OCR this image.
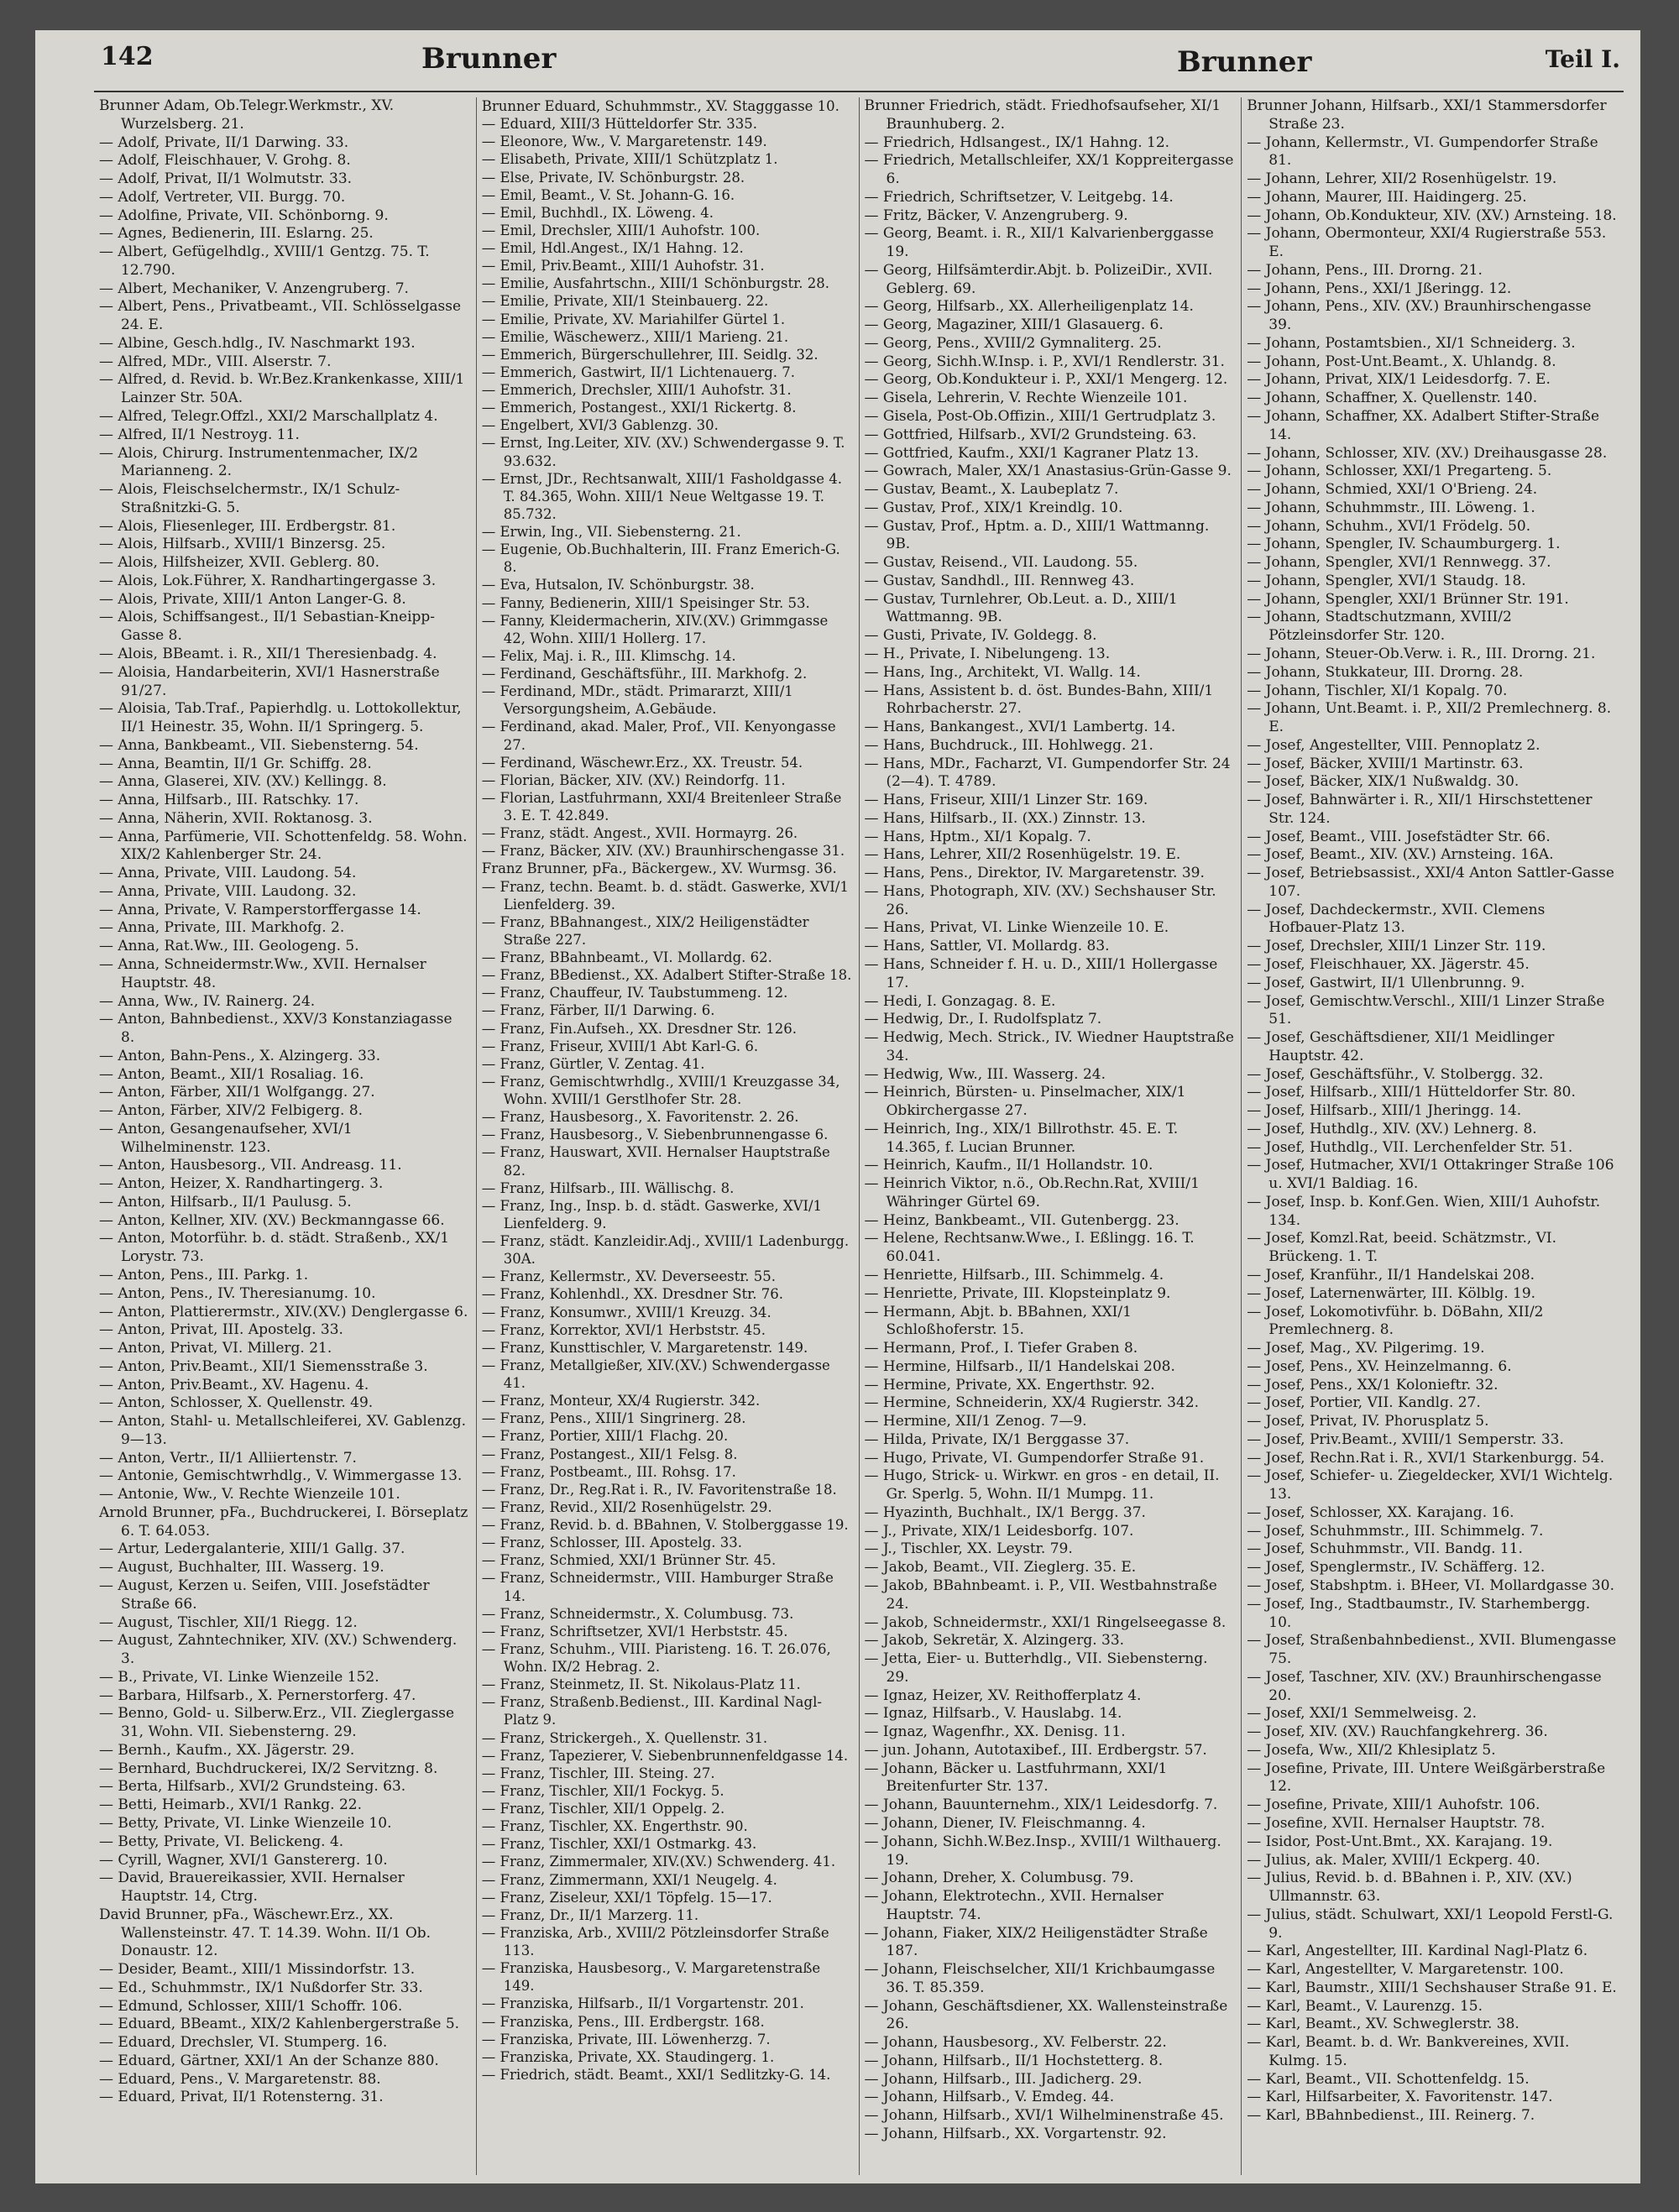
142	Brunner	Brunner	Teil I.
Brunner Adam, Ob.Telegr.Werkmstr., XV. Wurzelsberg. 21.
— Adolf, Private, II/1 Darwing. 33.
— Adolf, Fleischhauer, V. Grohg. 8.
— Adolf, Privat, II/1 Wolmutstr. 33.
— Adolf, Vertreter, VII. Burgg. 70.
— Adolfine, Private, VII. Schönborng. 9.
— Agnes, Bedienerin, III. Eslarng. 25.
— Albert, Gefügelhdlg., XVIII/1 Gentzg. 75. T. 12.790.
— Albert, Mechaniker, V. Anzengruberg. 7.
— Albert, Pens., Privatbeamt., VII. Schlösselgasse 24. E.
— Albine, Gesch.hdlg., IV. Naschmarkt 193.
— Alfred, MDr., VIII. Alserstr. 7.
— Alfred, d. Revid. b. Wr.Bez.Krankenkasse, XIII/1 Lainzer Str. 50A.
— Alfred, Telegr.Offzl., XXI/2 Marschallplatz 4.
— Alfred, II/1 Nestroyg. 11.
— Alois, Chirurg. Instrumentenmacher, IX/2 Marianneng. 2.
— Alois, Fleischselchermstr., IX/1 Schulz-Straßnitzki-G. 5.
— Alois, Fliesenleger, III. Erdbergstr. 81.
— Alois, Hilfsarb., XVIII/1 Binzersg. 25.
— Alois, Hilfsheizer, XVII. Geblerg. 80.
— Alois, Lok.Führer, X. Randhartingergasse 3.
— Alois, Private, XIII/1 Anton Langer-G. 8.
— Alois, Schiffsangest., II/1 Sebastian-Kneipp-Gasse 8.
— Alois, BBeamt. i. R., XII/1 Theresienbadg. 4.
— Aloisia, Handarbeiterin, XVI/1 Hasnerstraße 91/27.
— Aloisia, Tab.Traf., Papierhdlg. u. Lottokollektur, II/1 Heinestr. 35, Wohn. II/1 Springerg. 5.
— Anna, Bankbeamt., VII. Siebensterng. 54.
— Anna, Beamtin, II/1 Gr. Schiffg. 28.
— Anna, Glaserei, XIV. (XV.) Kellingg. 8.
— Anna, Hilfsarb., III. Ratschky. 17.
— Anna, Näherin, XVII. Roktanosg. 3.
— Anna, Parfümerie, VII. Schottenfeldg. 58. Wohn. XIX/2 Kahlenberger Str. 24.
— Anna, Private, VIII. Laudong. 54.
— Anna, Private, VIII. Laudong. 32.
— Anna, Private, V. Ramperstorffergasse 14.
— Anna, Private, III. Markhofg. 2.
— Anna, Rat.Ww., III. Geologeng. 5.
— Anna, Schneidermstr.Ww., XVII. Hernalser Hauptstr. 48.
— Anna, Ww., IV. Rainerg. 24.
— Anton, Bahnbedienst., XXV/3 Konstanziagasse 8.
— Anton, Bahn-Pens., X. Alzingerg. 33.
— Anton, Beamt., XII/1 Rosaliag. 16.
— Anton, Färber, XII/1 Wolfgangg. 27.
— Anton, Färber, XIV/2 Felbigerg. 8.
— Anton, Gesangenaufseher, XVI/1 Wilhelminenstr. 123.
— Anton, Hausbesorg., VII. Andreasg. 11.
— Anton, Heizer, X. Randhartingerg. 3.
— Anton, Hilfsarb., II/1 Paulusg. 5.
— Anton, Kellner, XIV. (XV.) Beckmanngasse 66.
— Anton, Motorführ. b. d. städt. Straßenb., XX/1 Lorystr. 73.
— Anton, Pens., III. Parkg. 1.
— Anton, Pens., IV. Theresianumg. 10.
— Anton, Plattierermstr., XIV.(XV.) Denglergasse 6.
— Anton, Privat, III. Apostelg. 33.
— Anton, Privat, VI. Millerg. 21.
— Anton, Priv.Beamt., XII/1 Siemensstraße 3.
— Anton, Priv.Beamt., XV. Hagenu. 4.
— Anton, Schlosser, X. Quellenstr. 49.
— Anton, Stahl- u. Metallschleiferei, XV. Gablenzg. 9—13.
— Anton, Vertr., II/1 Alliiertenstr. 7.
— Antonie, Gemischtwrhdlg., V. Wimmergasse 13.
— Antonie, Ww., V. Rechte Wienzeile 101.
Arnold Brunner, pFa., Buchdruckerei, I. Börseplatz 6. T. 64.053.
— Artur, Ledergalanterie, XIII/1 Gallg. 37.
— August, Buchhalter, III. Wasserg. 19.
— August, Kerzen u. Seifen, VIII. Josefstädter Straße 66.
— August, Tischler, XII/1 Riegg. 12.
— August, Zahntechniker, XIV. (XV.) Schwenderg. 3.
— B., Private, VI. Linke Wienzeile 152.
— Barbara, Hilfsarb., X. Pernerstorferg. 47.
— Benno, Gold- u. Silberw.Erz., VII. Zieglergasse 31, Wohn. VII. Siebensterng. 29.
— Bernh., Kaufm., XX. Jägerstr. 29.
— Bernhard, Buchdruckerei, IX/2 Servitzng. 8.
— Berta, Hilfsarb., XVI/2 Grundsteing. 63.
— Betti, Heimarb., XVI/1 Rankg. 22.
— Betty, Private, VI. Linke Wienzeile 10.
— Betty, Private, VI. Belickeng. 4.
— Cyrill, Wagner, XVI/1 Ganstererg. 10.
— David, Brauereikassier, XVII. Hernalser Hauptstr. 14, Ctrg.
David Brunner, pFa., Wäschewr.Erz., XX. Wallensteinstr. 47. T. 14.39. Wohn. II/1 Ob. Donaustr. 12.
— Desider, Beamt., XIII/1 Missindorfstr. 13.
— Ed., Schuhmmstr., IX/1 Nußdorfer Str. 33.
— Edmund, Schlosser, XIII/1 Schoffr. 106.
— Eduard, BBeamt., XIX/2 Kahlenbergerstraße 5.
— Eduard, Drechsler, VI. Stumperg. 16.
— Eduard, Gärtner, XXI/1 An der Schanze 880.
— Eduard, Pens., V. Margaretenstr. 88.
— Eduard, Privat, II/1 Rotensterng. 31.
Brunner Eduard, Schuhmmstr., XV. Stagggasse 10.
— Eduard, XIII/3 Hütteldorfer Str. 335.
— Eleonore, Ww., V. Margaretenstr. 149.
— Elisabeth, Private, XIII/1 Schützplatz 1.
— Else, Private, IV. Schönburgstr. 28.
— Emil, Beamt., V. St. Johann-G. 16.
— Emil, Buchhdl., IX. Löweng. 4.
— Emil, Drechsler, XIII/1 Auhofstr. 100.
— Emil, Hdl.Angest., IX/1 Hahng. 12.
— Emil, Priv.Beamt., XIII/1 Auhofstr. 31.
— Emilie, Ausfahrtschn., XIII/1 Schönburgstr. 28.
— Emilie, Private, XII/1 Steinbauerg. 22.
— Emilie, Private, XV. Mariahilfer Gürtel 1.
— Emilie, Wäschewerz., XIII/1 Marieng. 21.
— Emmerich, Bürgerschullehrer, III. Seidlg. 32.
— Emmerich, Gastwirt, II/1 Lichtenauerg. 7.
— Emmerich, Drechsler, XIII/1 Auhofstr. 31.
— Emmerich, Postangest., XXI/1 Rickertg. 8.
— Engelbert, XVI/3 Gablenzg. 30.
— Ernst, Ing.Leiter, XIV. (XV.) Schwendergasse 9. T. 93.632.
— Ernst, JDr., Rechtsanwalt, XIII/1 Fasholdgasse 4. T. 84.365, Wohn. XIII/1 Neue Weltgasse 19. T. 85.732.
— Erwin, Ing., VII. Siebensterng. 21.
— Eugenie, Ob.Buchhalterin, III. Franz Emerich-G. 8.
— Eva, Hutsalon, IV. Schönburgstr. 38.
— Fanny, Bedienerin, XIII/1 Speisinger Str. 53.
— Fanny, Kleidermacherin, XIV.(XV.) Grimmgasse 42, Wohn. XIII/1 Hollerg. 17.
— Felix, Maj. i. R., III. Klimschg. 14.
— Ferdinand, Geschäftsführ., III. Markhofg. 2.
— Ferdinand, MDr., städt. Primararzt, XIII/1 Versorgungsheim, A.Gebäude.
— Ferdinand, akad. Maler, Prof., VII. Kenyongasse 27.
— Ferdinand, Wäschewr.Erz., XX. Treustr. 54.
— Florian, Bäcker, XIV. (XV.) Reindorfg. 11.
— Florian, Lastfuhrmann, XXI/4 Breitenleer Straße 3. E. T. 42.849.
— Franz, städt. Angest., XVII. Hormayrg. 26.
— Franz, Bäcker, XIV. (XV.) Braunhirschengasse 31.
Franz Brunner, pFa., Bäckergew., XV. Wurmsg. 36.
— Franz, techn. Beamt. b. d. städt. Gaswerke, XVI/1 Lienfelderg. 39.
— Franz, BBahnangest., XIX/2 Heiligenstädter Straße 227.
— Franz, BBahnbeamt., VI. Mollardg. 62.
— Franz, BBedienst., XX. Adalbert Stifter-Straße 18.
— Franz, Chauffeur, IV. Taubstummeng. 12.
— Franz, Färber, II/1 Darwing. 6.
— Franz, Fin.Aufseh., XX. Dresdner Str. 126.
— Franz, Friseur, XVIII/1 Abt Karl-G. 6.
— Franz, Gürtler, V. Zentag. 41.
— Franz, Gemischtwrhdlg., XVIII/1 Kreuzgasse 34, Wohn. XVIII/1 Gerstlhofer Str. 28.
— Franz, Hausbesorg., X. Favoritenstr. 2. 26.
— Franz, Hausbesorg., V. Siebenbrunnengasse 6.
— Franz, Hauswart, XVII. Hernalser Hauptstraße 82.
— Franz, Hilfsarb., III. Wällischg. 8.
— Franz, Ing., Insp. b. d. städt. Gaswerke, XVI/1 Lienfelderg. 9.
— Franz, städt. Kanzleidir.Adj., XVIII/1 Ladenburgg. 30A.
— Franz, Kellermstr., XV. Deverseestr. 55.
— Franz, Kohlenhdl., XX. Dresdner Str. 76.
— Franz, Konsumwr., XVIII/1 Kreuzg. 34.
— Franz, Korrektor, XVI/1 Herbststr. 45.
— Franz, Kunsttischler, V. Margaretenstr. 149.
— Franz, Metallgießer, XIV.(XV.) Schwendergasse 41.
— Franz, Monteur, XX/4 Rugierstr. 342.
— Franz, Pens., XIII/1 Singrinerg. 28.
— Franz, Portier, XIII/1 Flachg. 20.
— Franz, Postangest., XII/1 Felsg. 8.
— Franz, Postbeamt., III. Rohsg. 17.
— Franz, Dr., Reg.Rat i. R., IV. Favoritenstraße 18.
— Franz, Revid., XII/2 Rosenhügelstr. 29.
— Franz, Revid. b. d. BBahnen, V. Stolberggasse 19.
— Franz, Schlosser, III. Apostelg. 33.
— Franz, Schmied, XXI/1 Brünner Str. 45.
— Franz, Schneidermstr., VIII. Hamburger Straße 14.
— Franz, Schneidermstr., X. Columbusg. 73.
— Franz, Schriftsetzer, XVI/1 Herbststr. 45.
— Franz, Schuhm., VIII. Piaristeng. 16. T. 26.076, Wohn. IX/2 Hebrag. 2.
— Franz, Steinmetz, II. St. Nikolaus-Platz 11.
— Franz, Straßenb.Bedienst., III. Kardinal Nagl-Platz 9.
— Franz, Strickergeh., X. Quellenstr. 31.
— Franz, Tapezierer, V. Siebenbrunnenfeldgasse 14.
— Franz, Tischler, III. Steing. 27.
— Franz, Tischler, XII/1 Fockyg. 5.
— Franz, Tischler, XII/1 Oppelg. 2.
— Franz, Tischler, XX. Engerthstr. 90.
— Franz, Tischler, XXI/1 Ostmarkg. 43.
— Franz, Zimmermaler, XIV.(XV.) Schwenderg. 41.
— Franz, Zimmermann, XXI/1 Neugelg. 4.
— Franz, Ziseleur, XXI/1 Töpfelg. 15—17.
— Franz, Dr., II/1 Marzerg. 11.
— Franziska, Arb., XVIII/2 Pötzleinsdorfer Straße 113.
— Franziska, Hausbesorg., V. Margaretenstraße 149.
— Franziska, Hilfsarb., II/1 Vorgartenstr. 201.
— Franziska, Pens., III. Erdbergstr. 168.
— Franziska, Private, III. Löwenherzg. 7.
— Franziska, Private, XX. Staudingerg. 1.
— Friedrich, städt. Beamt., XXI/1 Sedlitzky-G. 14.
Brunner Friedrich, städt. Friedhofsaufseher, XI/1 Braunhuberg. 2.
— Friedrich, Hdlsangest., IX/1 Hahng. 12.
— Friedrich, Metallschleifer, XX/1 Koppreitergasse 6.
— Friedrich, Schriftsetzer, V. Leitgebg. 14.
— Fritz, Bäcker, V. Anzengruberg. 9.
— Georg, Beamt. i. R., XII/1 Kalvarienberggasse 19.
— Georg, Hilfsämterdir.Abjt. b. PolizeiDir., XVII. Geblerg. 69.
— Georg, Hilfsarb., XX. Allerheiligenplatz 14.
— Georg, Magaziner, XIII/1 Glasauerg. 6.
— Georg, Pens., XVIII/2 Gymnaliterg. 25.
— Georg, Sichh.W.Insp. i. P., XVI/1 Rendlerstr. 31.
— Georg, Ob.Kondukteur i. P., XXI/1 Mengerg. 12.
— Gisela, Lehrerin, V. Rechte Wienzeile 101.
— Gisela, Post-Ob.Offizin., XIII/1 Gertrudplatz 3.
— Gottfried, Hilfsarb., XVI/2 Grundsteing. 63.
— Gottfried, Kaufm., XXI/1 Kagraner Platz 13.
— Gowrach, Maler, XX/1 Anastasius-Grün-Gasse 9.
— Gustav, Beamt., X. Laubeplatz 7.
— Gustav, Prof., XIX/1 Kreindlg. 10.
— Gustav, Prof., Hptm. a. D., XIII/1 Wattmanng. 9B.
— Gustav, Reisend., VII. Laudong. 55.
— Gustav, Sandhdl., III. Rennweg 43.
— Gustav, Turnlehrer, Ob.Leut. a. D., XIII/1 Wattmanng. 9B.
— Gusti, Private, IV. Goldegg. 8.
— H., Private, I. Nibelungeng. 13.
— Hans, Ing., Architekt, VI. Wallg. 14.
— Hans, Assistent b. d. öst. Bundes-Bahn, XIII/1 Rohrbacherstr. 27.
— Hans, Bankangest., XVI/1 Lambertg. 14.
— Hans, Buchdruck., III. Hohlwegg. 21.
— Hans, MDr., Facharzt, VI. Gumpendorfer Str. 24 (2—4). T. 4789.
— Hans, Friseur, XIII/1 Linzer Str. 169.
— Hans, Hilfsarb., II. (XX.) Zinnstr. 13.
— Hans, Hptm., XI/1 Kopalg. 7.
— Hans, Lehrer, XII/2 Rosenhügelstr. 19. E.
— Hans, Pens., Direktor, IV. Margaretenstr. 39.
— Hans, Photograph, XIV. (XV.) Sechshauser Str. 26.
— Hans, Privat, VI. Linke Wienzeile 10. E.
— Hans, Sattler, VI. Mollardg. 83.
— Hans, Schneider f. H. u. D., XIII/1 Hollergasse 17.
— Hedi, I. Gonzagag. 8. E.
— Hedwig, Dr., I. Rudolfsplatz 7.
— Hedwig, Mech. Strick., IV. Wiedner Hauptstraße 34.
— Hedwig, Ww., III. Wasserg. 24.
— Heinrich, Bürsten- u. Pinselmacher, XIX/1 Obkirchergasse 27.
— Heinrich, Ing., XIX/1 Billrothstr. 45. E. T. 14.365, f. Lucian Brunner.
— Heinrich, Kaufm., II/1 Hollandstr. 10.
— Heinrich Viktor, n.ö., Ob.Rechn.Rat, XVIII/1 Währinger Gürtel 69.
— Heinz, Bankbeamt., VII. Gutenbergg. 23.
— Helene, Rechtsanw.Wwe., I. Eßlingg. 16. T. 60.041.
— Henriette, Hilfsarb., III. Schimmelg. 4.
— Henriette, Private, III. Klopsteinplatz 9.
— Hermann, Abjt. b. BBahnen, XXI/1 Schloßhoferstr. 15.
— Hermann, Prof., I. Tiefer Graben 8.
— Hermine, Hilfsarb., II/1 Handelskai 208.
— Hermine, Private, XX. Engerthstr. 92.
— Hermine, Schneiderin, XX/4 Rugierstr. 342.
— Hermine, XII/1 Zenog. 7—9.
— Hilda, Private, IX/1 Berggasse 37.
— Hugo, Private, VI. Gumpendorfer Straße 91.
— Hugo, Strick- u. Wirkwr. en gros - en detail, II. Gr. Sperlg. 5, Wohn. II/1 Mumpg. 11.
— Hyazinth, Buchhalt., IX/1 Bergg. 37.
— J., Private, XIX/1 Leidesborfg. 107.
— J., Tischler, XX. Leystr. 79.
— Jakob, Beamt., VII. Zieglerg. 35. E.
— Jakob, BBahnbeamt. i. P., VII. Westbahnstraße 24.
— Jakob, Schneidermstr., XXI/1 Ringelseegasse 8.
— Jakob, Sekretär, X. Alzingerg. 33.
— Jetta, Eier- u. Butterhdlg., VII. Siebensterng. 29.
— Ignaz, Heizer, XV. Reithofferplatz 4.
— Ignaz, Hilfsarb., V. Hauslabg. 14.
— Ignaz, Wagenfhr., XX. Denisg. 11.
— jun. Johann, Autotaxibef., III. Erdbergstr. 57.
— Johann, Bäcker u. Lastfuhrmann, XXI/1 Breitenfurter Str. 137.
— Johann, Bauunternehm., XIX/1 Leidesdorfg. 7.
— Johann, Diener, IV. Fleischmanng. 4.
— Johann, Sichh.W.Bez.Insp., XVIII/1 Wilthauerg. 19.
— Johann, Dreher, X. Columbusg. 79.
— Johann, Elektrotechn., XVII. Hernalser Hauptstr. 74.
— Johann, Fiaker, XIX/2 Heiligenstädter Straße 187.
— Johann, Fleischselcher, XII/1 Krichbaumgasse 36. T. 85.359.
— Johann, Geschäftsdiener, XX. Wallensteinstraße 26.
— Johann, Hausbesorg., XV. Felberstr. 22.
— Johann, Hilfsarb., II/1 Hochstetterg. 8.
— Johann, Hilfsarb., III. Jadicherg. 29.
— Johann, Hilfsarb., V. Emdeg. 44.
— Johann, Hilfsarb., XVI/1 Wilhelminenstraße 45.
— Johann, Hilfsarb., XX. Vorgartenstr. 92.
Brunner Johann, Hilfsarb., XXI/1 Stammersdorfer Straße 23.
— Johann, Kellermstr., VI. Gumpendorfer Straße 81.
— Johann, Lehrer, XII/2 Rosenhügelstr. 19.
— Johann, Maurer, III. Haidingerg. 25.
— Johann, Ob.Kondukteur, XIV. (XV.) Arnsteing. 18.
— Johann, Obermonteur, XXI/4 Rugierstraße 553. E.
— Johann, Pens., III. Drorng. 21.
— Johann, Pens., XXI/1 Jßeringg. 12.
— Johann, Pens., XIV. (XV.) Braunhirschengasse 39.
— Johann, Postamtsbien., XI/1 Schneiderg. 3.
— Johann, Post-Unt.Beamt., X. Uhlandg. 8.
— Johann, Privat, XIX/1 Leidesdorfg. 7. E.
— Johann, Schaffner, X. Quellenstr. 140.
— Johann, Schaffner, XX. Adalbert Stifter-Straße 14.
— Johann, Schlosser, XIV. (XV.) Dreihausgasse 28.
— Johann, Schlosser, XXI/1 Pregarteng. 5.
— Johann, Schmied, XXI/1 O'Brieng. 24.
— Johann, Schuhmmstr., III. Löweng. 1.
— Johann, Schuhm., XVI/1 Frödelg. 50.
— Johann, Spengler, IV. Schaumburgerg. 1.
— Johann, Spengler, XVI/1 Rennwegg. 37.
— Johann, Spengler, XVI/1 Staudg. 18.
— Johann, Spengler, XXI/1 Brünner Str. 191.
— Johann, Stadtschutzmann, XVIII/2 Pötzleinsdorfer Str. 120.
— Johann, Steuer-Ob.Verw. i. R., III. Drorng. 21.
— Johann, Stukkateur, III. Drorng. 28.
— Johann, Tischler, XI/1 Kopalg. 70.
— Johann, Unt.Beamt. i. P., XII/2 Premlechnerg. 8. E.
— Josef, Angestellter, VIII. Pennoplatz 2.
— Josef, Bäcker, XVIII/1 Martinstr. 63.
— Josef, Bäcker, XIX/1 Nußwaldg. 30.
— Josef, Bahnwärter i. R., XII/1 Hirschstettener Str. 124.
— Josef, Beamt., VIII. Josefstädter Str. 66.
— Josef, Beamt., XIV. (XV.) Arnsteing. 16A.
— Josef, Betriebsassist., XXI/4 Anton Sattler-Gasse 107.
— Josef, Dachdeckermstr., XVII. Clemens Hofbauer-Platz 13.
— Josef, Drechsler, XIII/1 Linzer Str. 119.
— Josef, Fleischhauer, XX. Jägerstr. 45.
— Josef, Gastwirt, II/1 Ullenbrunng. 9.
— Josef, Gemischtw.Verschl., XIII/1 Linzer Straße 51.
— Josef, Geschäftsdiener, XII/1 Meidlinger Hauptstr. 42.
— Josef, Geschäftsführ., V. Stolbergg. 32.
— Josef, Hilfsarb., XIII/1 Hütteldorfer Str. 80.
— Josef, Hilfsarb., XIII/1 Jheringg. 14.
— Josef, Huthdlg., XIV. (XV.) Lehnerg. 8.
— Josef, Huthdlg., VII. Lerchenfelder Str. 51.
— Josef, Hutmacher, XVI/1 Ottakringer Straße 106 u. XVI/1 Baldiag. 16.
— Josef, Insp. b. Konf.Gen. Wien, XIII/1 Auhofstr. 134.
— Josef, Komzl.Rat, beeid. Schätzmstr., VI. Brückeng. 1. T.
— Josef, Kranführ., II/1 Handelskai 208.
— Josef, Laternenwärter, III. Kölblg. 19.
— Josef, Lokomotivführ. b. DöBahn, XII/2 Premlechnerg. 8.
— Josef, Mag., XV. Pilgerimg. 19.
— Josef, Pens., XV. Heinzelmanng. 6.
— Josef, Pens., XX/1 Kolonieftr. 32.
— Josef, Portier, VII. Kandlg. 27.
— Josef, Privat, IV. Phorusplatz 5.
— Josef, Priv.Beamt., XVIII/1 Semperstr. 33.
— Josef, Rechn.Rat i. R., XVI/1 Starkenburgg. 54.
— Josef, Schiefer- u. Ziegeldecker, XVI/1 Wichtelg. 13.
— Josef, Schlosser, XX. Karajang. 16.
— Josef, Schuhmmstr., III. Schimmelg. 7.
— Josef, Schuhmmstr., VII. Bandg. 11.
— Josef, Spenglermstr., IV. Schäfferg. 12.
— Josef, Stabshptm. i. BHeer, VI. Mollardgasse 30.
— Josef, Ing., Stadtbaumstr., IV. Starhembergg. 10.
— Josef, Straßenbahnbedienst., XVII. Blumengasse 75.
— Josef, Taschner, XIV. (XV.) Braunhirschengasse 20.
— Josef, XXI/1 Semmelweisg. 2.
— Josef, XIV. (XV.) Rauchfangkehrerg. 36.
— Josefa, Ww., XII/2 Khlesiplatz 5.
— Josefine, Private, III. Untere Weißgärberstraße 12.
— Josefine, Private, XIII/1 Auhofstr. 106.
— Josefine, XVII. Hernalser Hauptstr. 78.
— Isidor, Post-Unt.Bmt., XX. Karajang. 19.
— Julius, ak. Maler, XVIII/1 Eckperg. 40.
— Julius, Revid. b. d. BBahnen i. P., XIV. (XV.) Ullmannstr. 63.
— Julius, städt. Schulwart, XXI/1 Leopold Ferstl-G. 9.
— Karl, Angestellter, III. Kardinal Nagl-Platz 6.
— Karl, Angestellter, V. Margaretenstr. 100.
— Karl, Baumstr., XIII/1 Sechshauser Straße 91. E.
— Karl, Beamt., V. Laurenzg. 15.
— Karl, Beamt., XV. Schweglerstr. 38.
— Karl, Beamt. b. d. Wr. Bankvereines, XVII. Kulmg. 15.
— Karl, Beamt., VII. Schottenfeldg. 15.
— Karl, Hilfsarbeiter, X. Favoritenstr. 147.
— Karl, BBahnbedienst., III. Reinerg. 7.
